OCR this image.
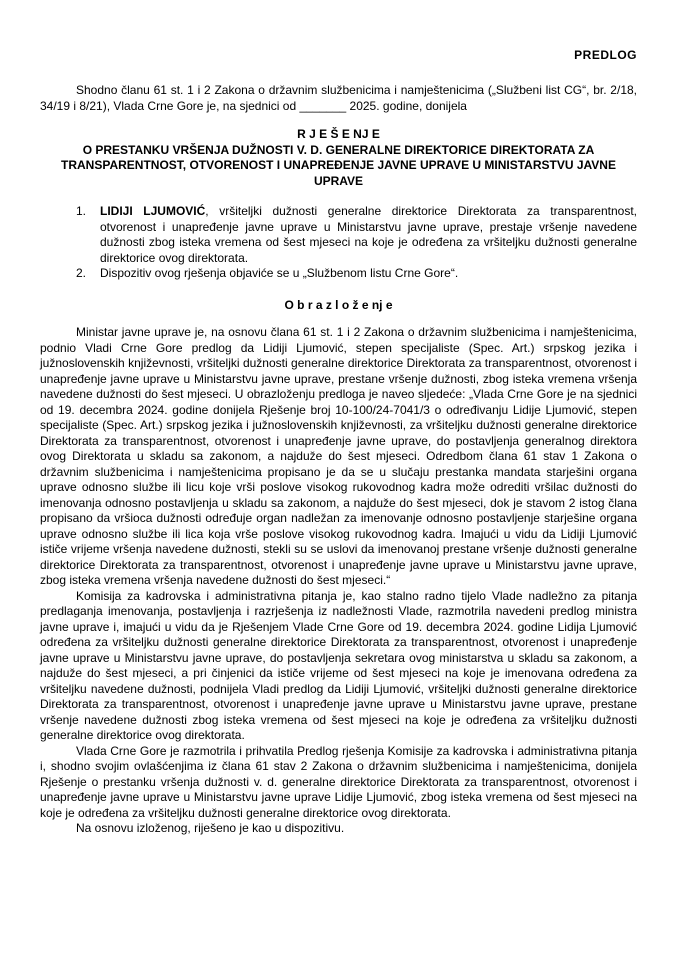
PREDLOG

Shodno članu 61 st. 1 i 2 Zakona o državnim službenicima i namještenicima („Službeni list CG“, br. 2/18, 34/19 i 8/21), Vlada Crne Gore je, na sjednici od _______ 2025. godine, donijela

R J E Š E NJ E
O PRESTANKU VRŠENJA DUŽNOSTI V. D. GENERALNE DIREKTORICE DIREKTORATA ZA TRANSPARENTNOST, OTVORENOST I UNAPREĐENJE JAVNE UPRAVE U MINISTARSTVU JAVNE UPRAVE
1.	LIDIJI LJUMOVIĆ, vršiteljki dužnosti generalne direktorice Direktorata za transparentnost, otvorenost i unapređenje javne uprave u Ministarstvu javne uprave, prestaje vršenje navedene dužnosti zbog isteka vremena od šest mjeseci na koje je određena za vršiteljku dužnosti generalne direktorice ovog direktorata.
2.	Dispozitiv ovog rješenja objaviće se u „Službenom listu Crne Gore“.
O b r a z l o ž e nj e

Ministar javne uprave je, na osnovu člana 61 st. 1 i 2 Zakona o državnim službenicima i namještenicima, podnio Vladi Crne Gore predlog da Lidiji Ljumović, stepen specijaliste (Spec. Art.) srpskog jezika i južnoslovenskih književnosti, vršiteljki dužnosti generalne direktorice Direktorata za transparentnost, otvorenost i unapređenje javne uprave u Ministarstvu javne uprave, prestane vršenje dužnosti, zbog isteka vremena vršenja navedene dužnosti do šest mjeseci. U obrazloženju predloga je naveo sljedeće: „Vlada Crne Gore je na sjednici od 19. decembra 2024. godine donijela Rješenje broj 10-100/24-7041/3 o određivanju Lidije Ljumović, stepen specijaliste (Spec. Art.) srpskog jezika i južnoslovenskih književnosti, za vršiteljku dužnosti generalne direktorice Direktorata za transparentnost, otvorenost i unapređenje javne uprave, do postavljenja generalnog direktora ovog Direktorata u skladu sa zakonom, a najduže do šest mjeseci. Odredbom člana 61 stav 1 Zakona o državnim službenicima i namještenicima propisano je da se u slučaju prestanka mandata starješini organa uprave odnosno službe ili licu koje vrši poslove visokog rukovodnog kadra može odrediti vršilac dužnosti do imenovanja odnosno postavljenja u skladu sa zakonom, a najduže do šest mjeseci, dok je stavom 2 istog člana propisano da vršioca dužnosti određuje organ nadležan za imenovanje odnosno postavljenje starješine organa uprave odnosno službe ili lica koja vrše poslove visokog rukovodnog kadra. Imajući u vidu da Lidiji Ljumović ističe vrijeme vršenja navedene dužnosti, stekli su se uslovi da imenovanoj prestane vršenje dužnosti generalne direktorice Direktorata za transparentnost, otvorenost i unapređenje javne uprave u Ministarstvu javne uprave, zbog isteka vremena vršenja navedene dužnosti do šest mjeseci.“

Komisija za kadrovska i administrativna pitanja je, kao stalno radno tijelo Vlade nadležno za pitanja predlaganja imenovanja, postavljenja i razrješenja iz nadležnosti Vlade, razmotrila navedeni predlog ministra javne uprave i, imajući u vidu da je Rješenjem Vlade Crne Gore od 19. decembra 2024. godine Lidija Ljumović određena za vršiteljku dužnosti generalne direktorice Direktorata za transparentnost, otvorenost i unapređenje javne uprave u Ministarstvu javne uprave, do postavljenja sekretara ovog ministarstva u skladu sa zakonom, a najduže do šest mjeseci, a pri činjenici da ističe vrijeme od šest mjeseci na koje je imenovana određena za vršiteljku navedene dužnosti, podnijela Vladi predlog da Lidiji Ljumović, vršiteljki dužnosti generalne direktorice Direktorata za transparentnost, otvorenost i unapređenje javne uprave u Ministarstvu javne uprave, prestane vršenje navedene dužnosti zbog isteka vremena od šest mjeseci na koje je određena za vršiteljku dužnosti generalne direktorice ovog direktorata.

Vlada Crne Gore je razmotrila i prihvatila Predlog rješenja Komisije za kadrovska i administrativna pitanja i, shodno svojim ovlašćenjima iz člana 61 stav 2 Zakona o državnim službenicima i namještenicima, donijela Rješenje o prestanku vršenja dužnosti v. d. generalne direktorice Direktorata za transparentnost, otvorenost i unapređenje javne uprave u Ministarstvu javne uprave Lidije Ljumović, zbog isteka vremena od šest mjeseci na koje je određena za vršiteljku dužnosti generalne direktorice ovog direktorata.

Na osnovu izloženog, riješeno je kao u dispozitivu.
